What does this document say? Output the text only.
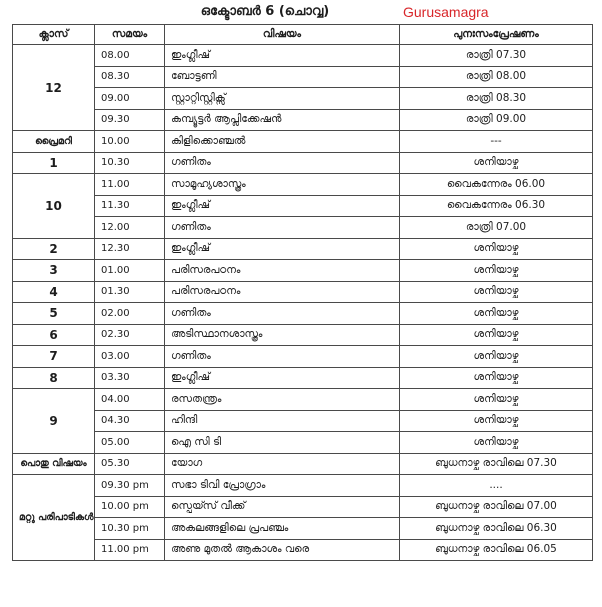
ഒക്ടോബർ 6 (ചൊവ്വ)	Gurusamagra
ക്ലാസ്	സമയം	വിഷയം	പുനഃസംപ്രേഷണം
12	08.00	ഇംഗ്ലീഷ്	രാത്രി 07.30
	08.30	ബോട്ടണി	രാത്രി 08.00
	09.00	സ്റ്റാറ്റിസ്റ്റിക്സ്	രാത്രി 08.30
	09.30	കമ്പ്യൂട്ടർ ആപ്ലിക്കേഷൻ	രാത്രി 09.00
പ്രൈമറി	10.00	കിളിക്കൊഞ്ചൽ	---
1	10.30	ഗണിതം	ശനിയാഴ്ച
10	11.00	സാമൂഹ്യശാസ്ത്രം	വൈകന്നേരം 06.00
	11.30	ഇംഗ്ലീഷ്	വൈകന്നേരം 06.30
	12.00	ഗണിതം	രാത്രി 07.00
2	12.30	ഇംഗ്ലീഷ്	ശനിയാഴ്ച
3	01.00	പരിസരപഠനം	ശനിയാഴ്ച
4	01.30	പരിസരപഠനം	ശനിയാഴ്ച
5	02.00	ഗണിതം	ശനിയാഴ്ച
6	02.30	അടിസ്ഥാനശാസ്ത്രം	ശനിയാഴ്ച
7	03.00	ഗണിതം	ശനിയാഴ്ച
8	03.30	ഇംഗ്ലീഷ്	ശനിയാഴ്ച
9	04.00	രസതന്ത്രം	ശനിയാഴ്ച
	04.30	ഹിന്ദി	ശനിയാഴ്ച
	05.00	ഐ സി ടി	ശനിയാഴ്ച
പൊതു വിഷയം	05.30	യോഗ	ബുധനാഴ്ച രാവിലെ 07.30
മറ്റു പരിപാടികൾ	09.30 pm	സഭാ ടിവി പ്രോഗ്രാം	....
	10.00 pm	സ്പെയ്സ് വീക്ക്	ബുധനാഴ്ച രാവിലെ 07.00
	10.30 pm	അകലങ്ങളിലെ പ്രപഞ്ചം	ബുധനാഴ്ച രാവിലെ 06.30
	11.00 pm	അണു മുതൽ ആകാശം വരെ	ബുധനാഴ്ച രാവിലെ 06.05
